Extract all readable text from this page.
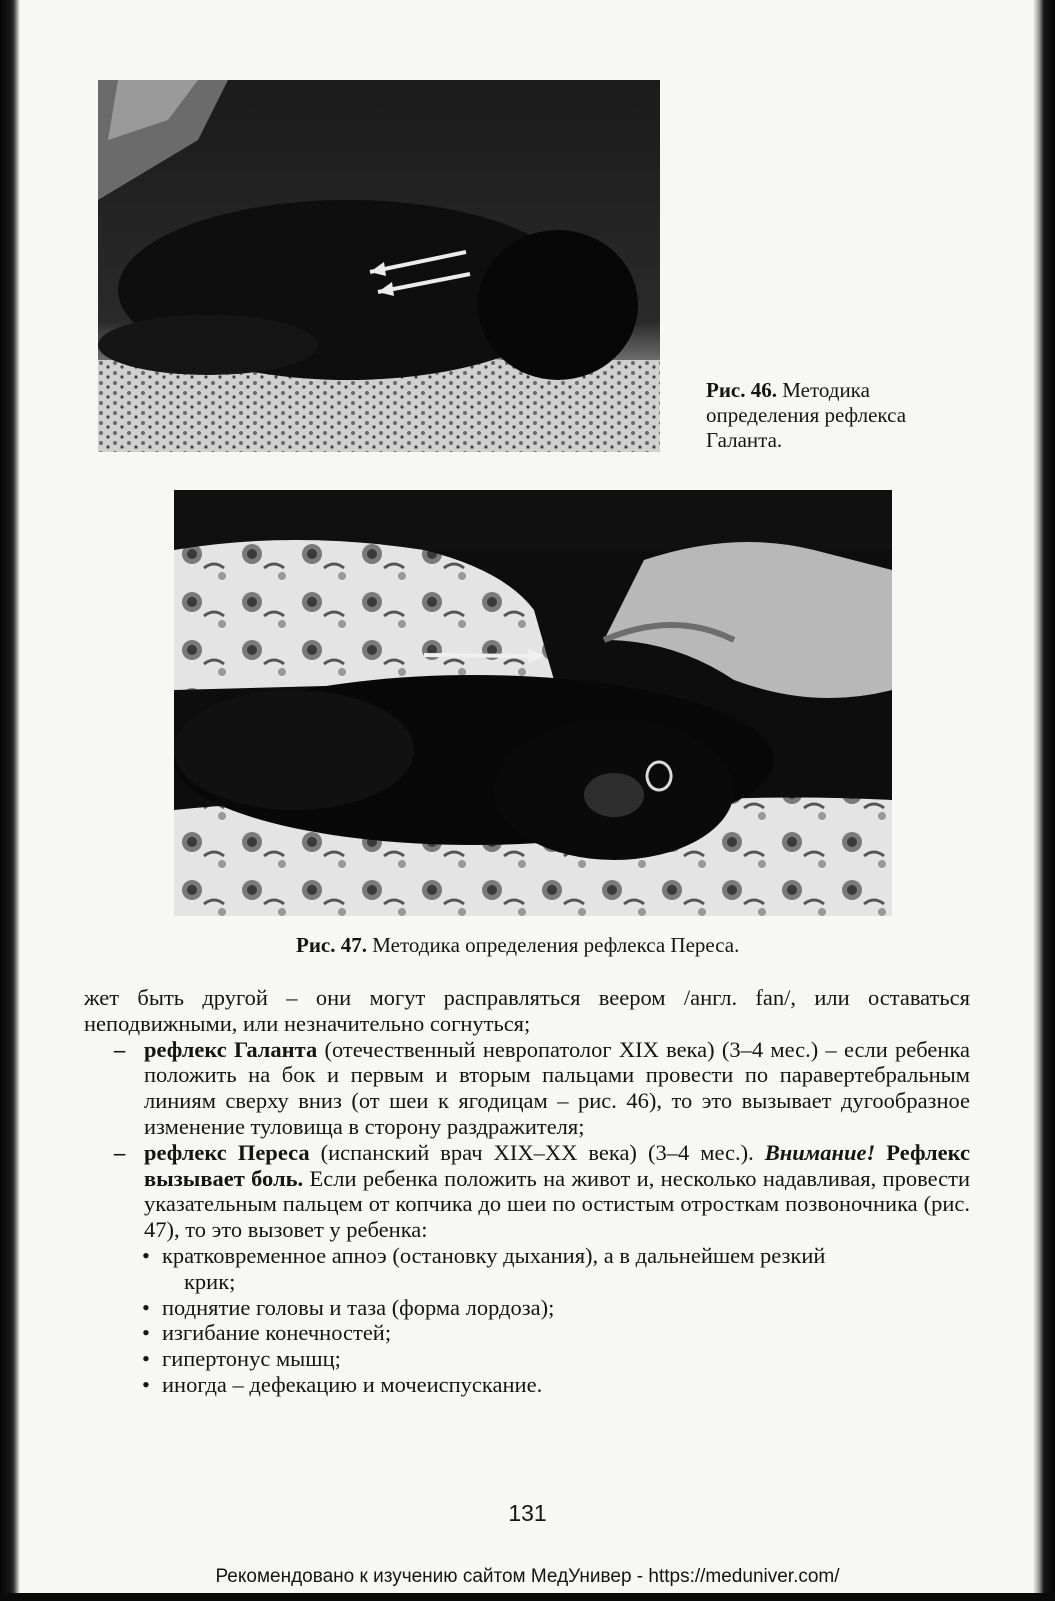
Рис. 46. Методика определения рефлекса Галанта.
Рис. 47. Методика определения рефлекса Переса.

жет быть другой – они могут расправляться веером /англ. fan/, или оставаться неподвижными, или незначительно согнуться;

– рефлекс Галанта (отечественный невропатолог XIX века) (3–4 мес.) – если ребенка положить на бок и первым и вторым пальцами провести по паравертебральным линиям сверху вниз (от шеи к ягодицам – рис. 46), то это вызывает дугообразное изменение туловища в сторону раздражителя;
– рефлекс Переса (испанский врач XIX–XX века) (3–4 мес.). Внимание! Рефлекс вызывает боль. Если ребенка положить на живот и, несколько надавливая, провести указательным пальцем от копчика до шеи по остистым отросткам позвоночника (рис. 47), то это вызовет у ребенка:
• кратковременное апноэ (остановку дыхания), а в дальнейшем резкий
крик;
• поднятие головы и таза (форма лордоза);
• изгибание конечностей;
• гипертонус мышц;
• иногда – дефекацию и мочеиспускание.
131
Рекомендовано к изучению сайтом МедУнивер - https://meduniver.com/
